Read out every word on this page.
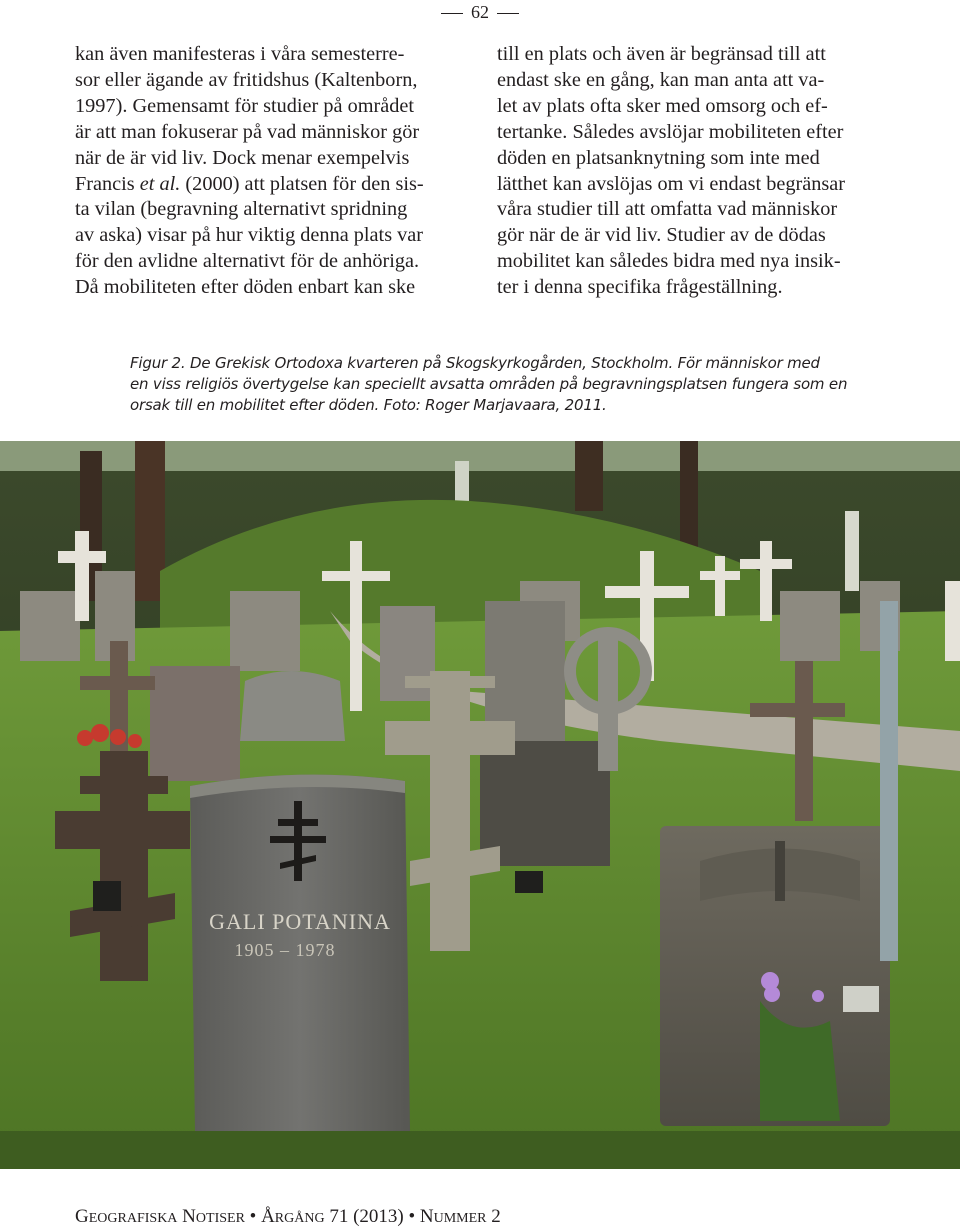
62
kan även manifesteras i våra semesterre-
sor eller ägande av fritidshus (Kaltenborn,
1997). Gemensamt för studier på området
är att man fokuserar på vad människor gör
när de är vid liv. Dock menar exempelvis
Francis et al. (2000) att platsen för den sis-
ta vilan (begravning alternativt spridning
av aska) visar på hur viktig denna plats var
för den avlidne alternativt för de anhöriga.
Då mobiliteten efter döden enbart kan ske
till en plats och även är begränsad till att
endast ske en gång, kan man anta att va-
let av plats ofta sker med omsorg och ef-
tertanke. Således avslöjar mobiliteten efter
döden en platsanknytning som inte med
lätthet kan avslöjas om vi endast begränsar
våra studier till att omfatta vad människor
gör när de är vid liv. Studier av de dödas
mobilitet kan således bidra med nya insik-
ter i denna specifika frågeställning.
Figur 2. De Grekisk Ortodoxa kvarteren på Skogskyrkogården, Stockholm. För människor med
en viss religiös övertygelse kan speciellt avsatta områden på begravningsplatsen fungera som en
orsak till en mobilitet efter döden. Foto: Roger Marjavaara, 2011.
GALI POTANINA
1905 – 1978
GEOGRAFISKA NOTISER • ÅRGÅNG 71 (2013) • NUMMER 2
